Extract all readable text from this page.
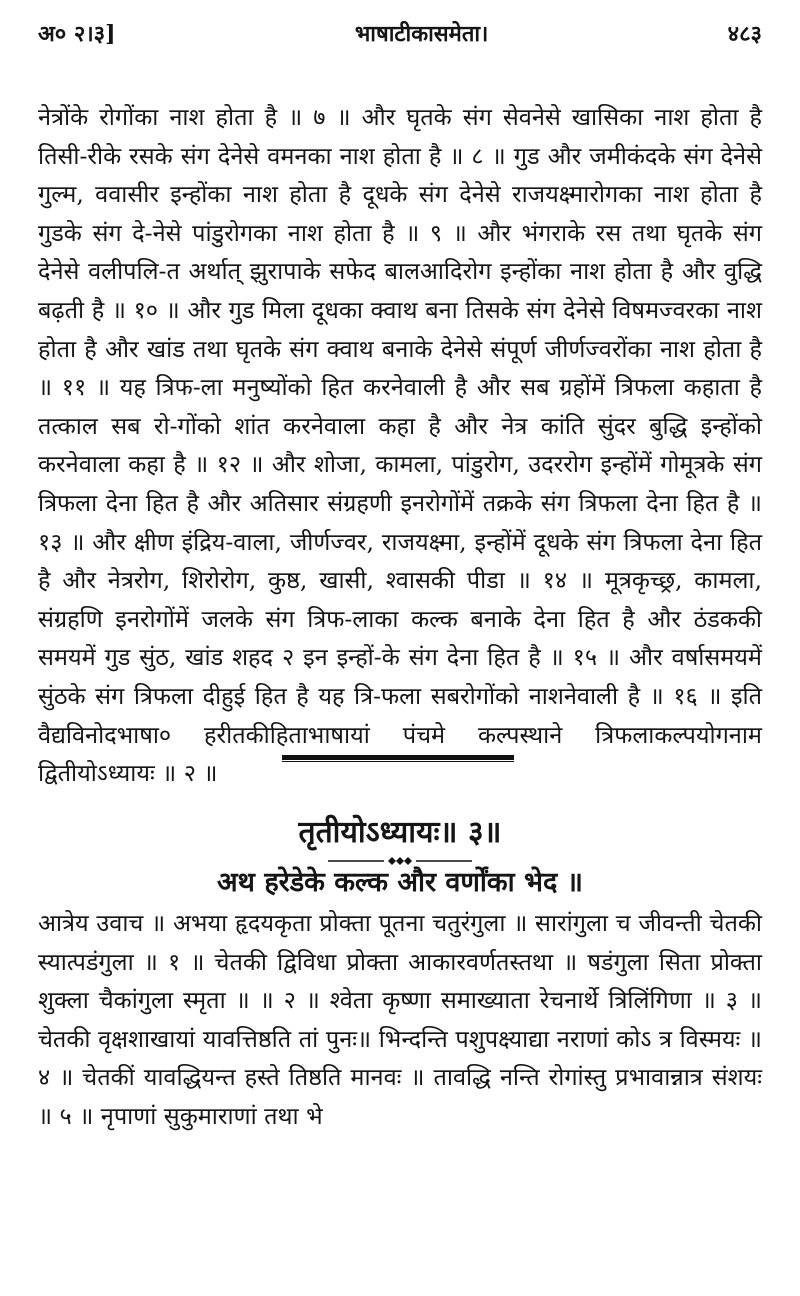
अ० २।३]	भाषाटीकासमेता।	४८३

नेत्रोंके रोगोंका नाश होता है ॥ ७ ॥ और घृतके संग सेवनेसे खासिका नाश होता है तिसी-रीके रसके संग देनेसे वमनका नाश होता है ॥ ८ ॥ गुड और जमीकंदके संग देनेसे गुल्म, ववासीर इन्होंका नाश होता है दूधके संग देनेसे राजयक्ष्मारोगका नाश होता है गुडके संग दे-नेसे पांडुरोगका नाश होता है ॥ ९ ॥ और भंगराके रस तथा घृतके संग देनेसे वलीपलि-त अर्थात् झुरापाके सफेद बालआदिरोग इन्होंका नाश होता है और वुद्धि बढ़ती है ॥ १० ॥ और गुड मिला दूधका क्वाथ बना तिसके संग देनेसे विषमज्वरका नाश होता है और खांड तथा घृतके संग क्वाथ बनाके देनेसे संपूर्ण जीर्णज्वरोंका नाश होता है ॥ ११ ॥ यह त्रिफ-ला मनुष्योंको हित करनेवाली है और सब ग्रहोंमें त्रिफला कहाता है तत्काल सब रो-गोंको शांत करनेवाला कहा है और नेत्र कांति सुंदर बुद्धि इन्होंको करनेवाला कहा है ॥ १२ ॥ और शोजा, कामला, पांडुरोग, उदररोग इन्होंमें गोमूत्रके संग त्रिफला देना हित है और अतिसार संग्रहणी इनरोगोंमें तक्रके संग त्रिफला देना हित है ॥ १३ ॥ और क्षीण इंद्रिय-वाला, जीर्णज्वर, राजयक्ष्मा, इन्होंमें दूधके संग त्रिफला देना हित है और नेत्ररोग, शिरोरोग, कुष्ठ, खासी, श्वासकी पीडा ॥ १४ ॥ मूत्रकृच्छ्र, कामला, संग्रहणि इनरोगोंमें जलके संग त्रिफ-लाका कल्क बनाके देना हित है और ठंडककी समयमें गुड सुंठ, खांड शहद २ इन इन्हों-के संग देना हित है ॥ १५ ॥ और वर्षासमयमें सुंठके संग त्रिफला दीहुई हित है यह त्रि-फला सबरोगोंको नाशनेवाली है ॥ १६ ॥ इति वैद्यविनोदभाषा० हरीतकीहिताभाषायां पंचमे कल्पस्थाने त्रिफलाकल्पयोगनाम द्वितीयोऽध्यायः ॥ २ ॥

तृतीयोऽध्यायः॥ ३॥
अथ हरेडेके कल्क और वर्णोंका भेद ॥

आत्रेय उवाच ॥ अभया हृदयकृता प्रोक्ता पूतना चतुरंगुला ॥ सारांगुला च जीवन्ती चेतकी स्यात्पडंगुला ॥ १ ॥ चेतकी द्विविधा प्रोक्ता आकारवर्णतस्तथा ॥ षडंगुला सिता प्रोक्ता शुक्ला चैकांगुला स्मृता ॥ ॥ २ ॥ श्वेता कृष्णा समाख्याता रेचनार्थे त्रिलिंगिणा ॥ ३ ॥ चेतकी वृक्षशाखायां यावत्तिष्ठति तां पुनः॥ भिन्दन्ति पशुपक्ष्याद्या नराणां कोऽ त्र विस्मयः ॥ ४ ॥ चेतकीं यावद्धियन्त हस्ते तिष्ठति मानवः ॥ तावद्धि नन्ति रोगांस्तु प्रभावान्नात्र संशयः ॥ ५ ॥ नृपाणां सुकुमाराणां तथा भे
